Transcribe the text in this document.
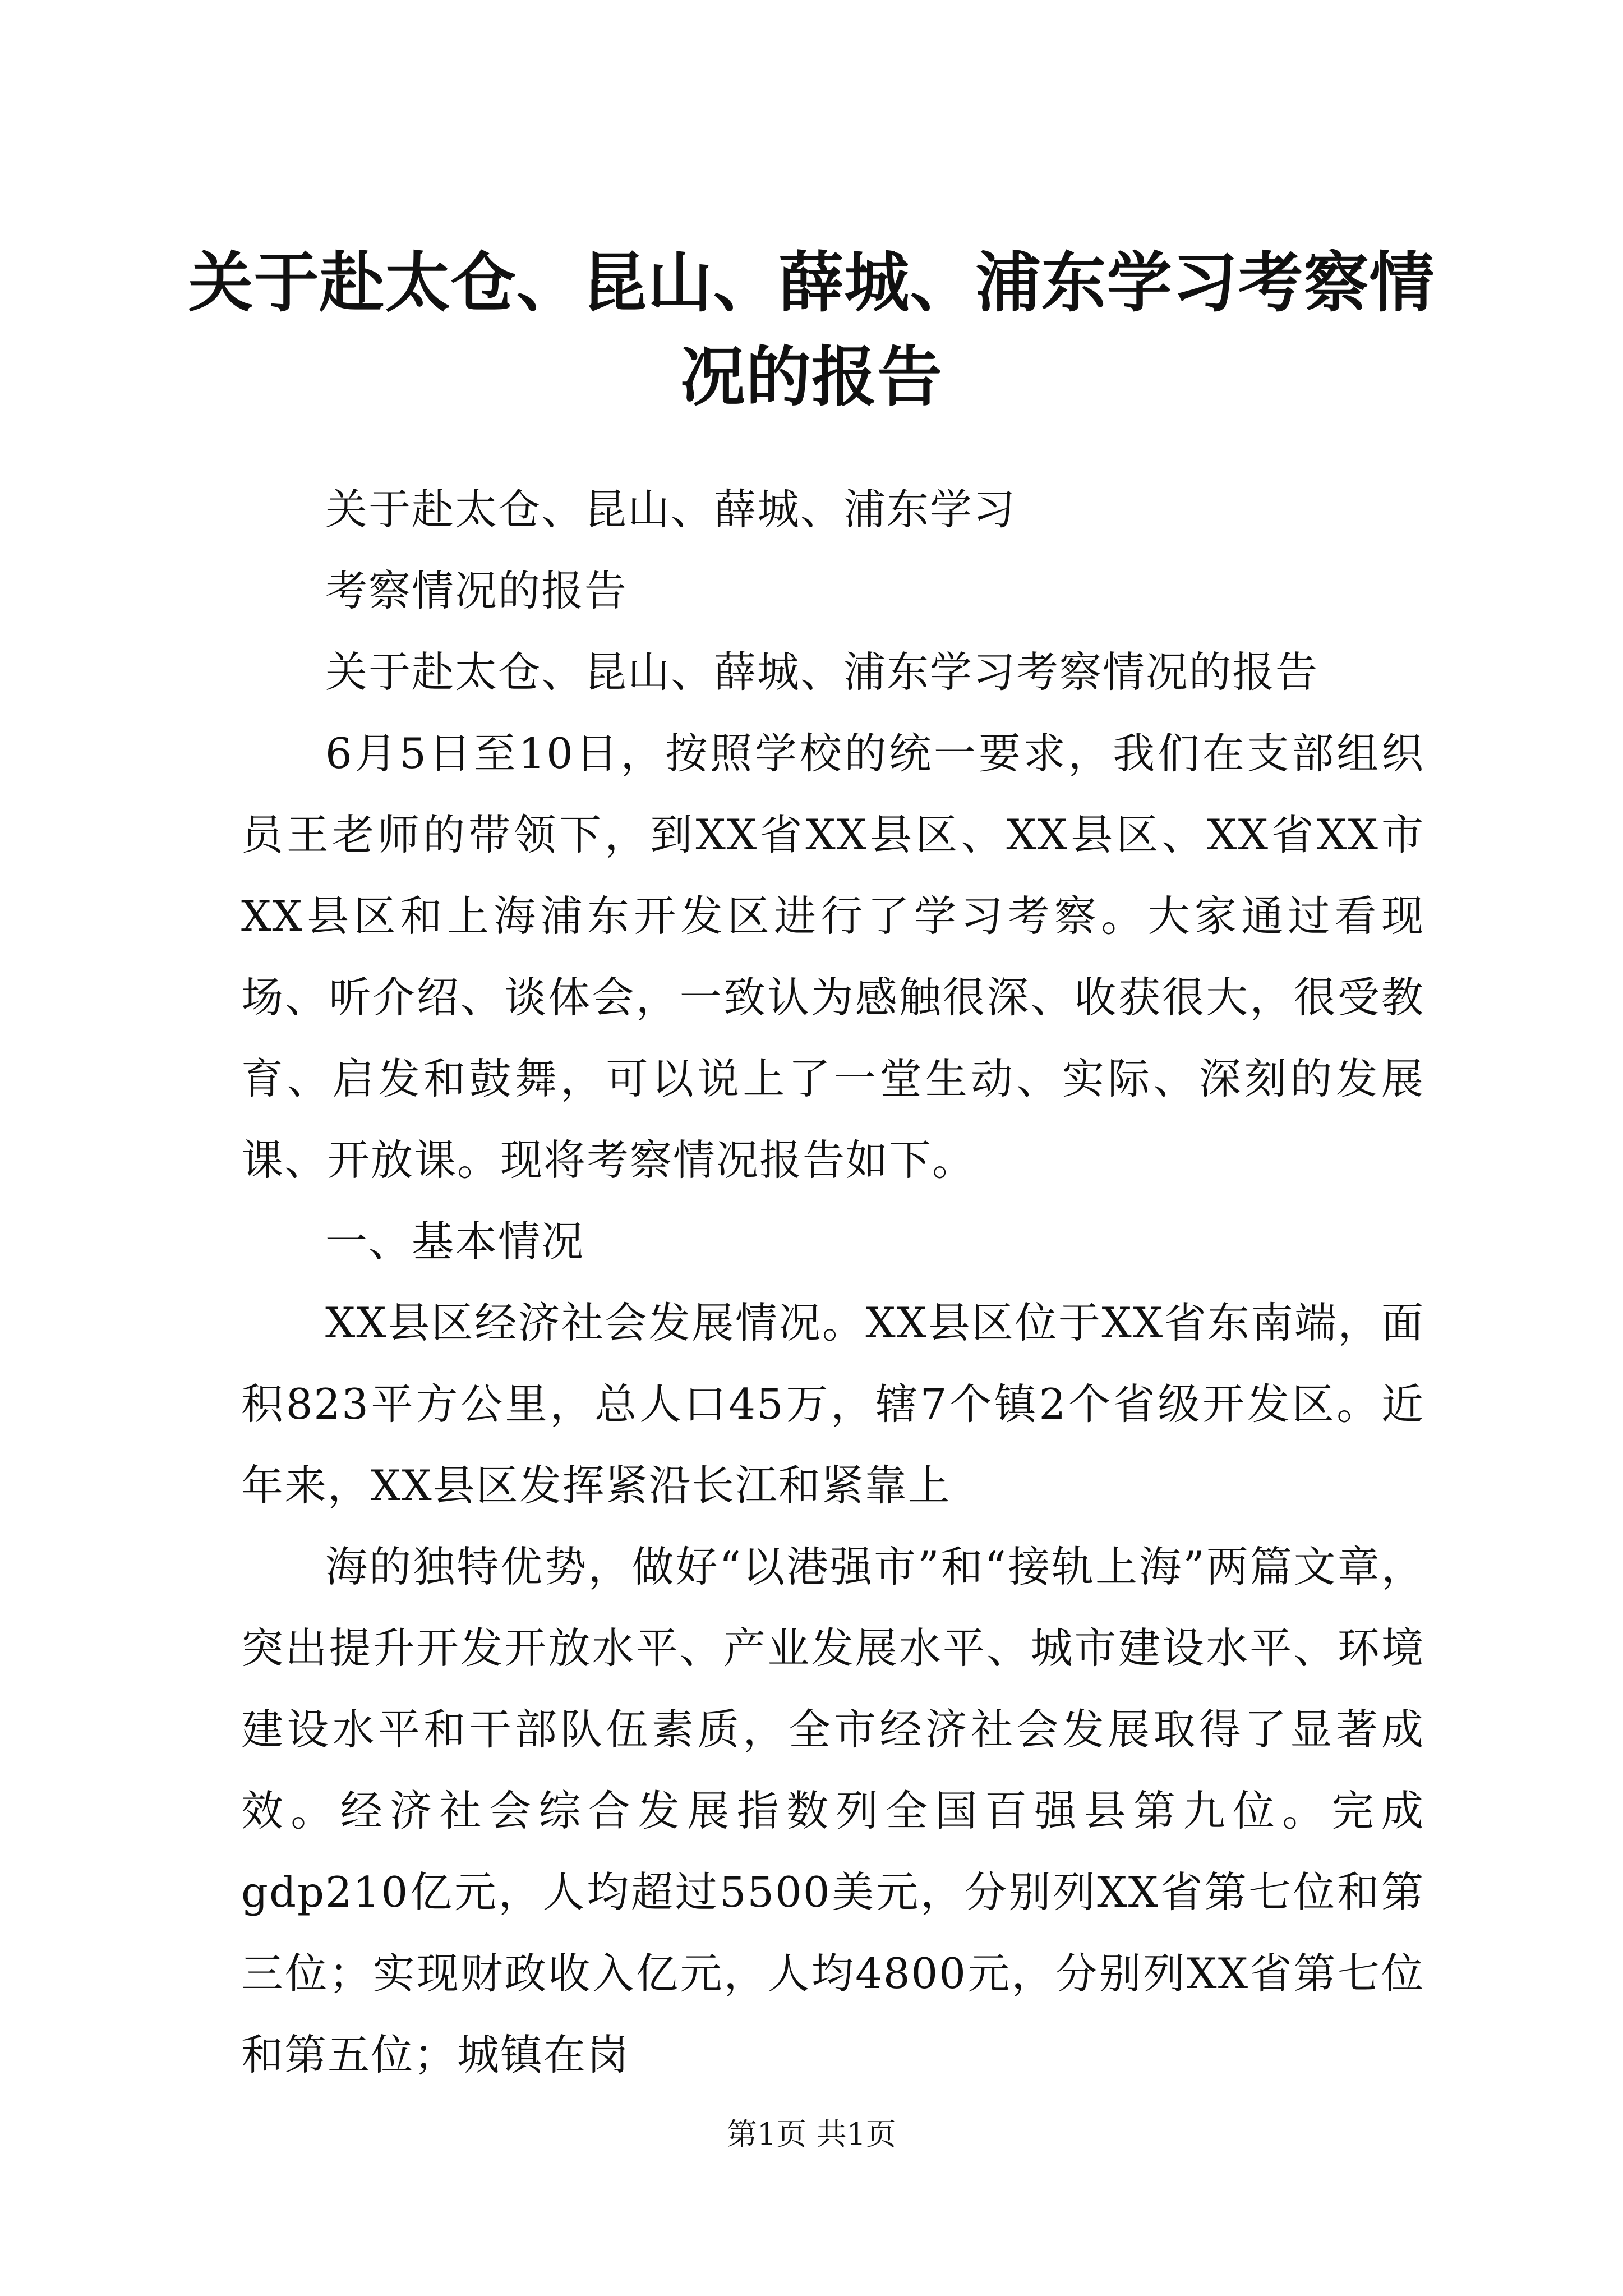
关于赴太仓、昆山、薛城、浦东学习考察情况的报告

关于赴太仓、昆山、薛城、浦东学习

考察情况的报告

关于赴太仓、昆山、薛城、浦东学习考察情况的报告

6月5日至10日，按照学校的统一要求，我们在支部组织员王老师的带领下，到XX省XX县区、XX县区、XX省XX市XX县区和上海浦东开发区进行了学习考察。大家通过看现场、听介绍、谈体会，一致认为感触很深、收获很大，很受教育、启发和鼓舞，可以说上了一堂生动、实际、深刻的发展课、开放课。现将考察情况报告如下。

一、基本情况

XX县区经济社会发展情况。XX县区位于XX省东南端，面积823平方公里，总人口45万，辖7个镇2个省级开发区。近年来，XX县区发挥紧沿长江和紧靠上

海的独特优势，做好“以港强市”和“接轨上海”两篇文章，突出提升开发开放水平、产业发展水平、城市建设水平、环境建设水平和干部队伍素质，全市经济社会发展取得了显著成效。经济社会综合发展指数列全国百强县第九位。完成gdp210亿元，人均超过5500美元，分别列XX省第七位和第三位；实现财政收入亿元，人均4800元，分别列XX省第七位和第五位；城镇在岗

第1页 共1页
